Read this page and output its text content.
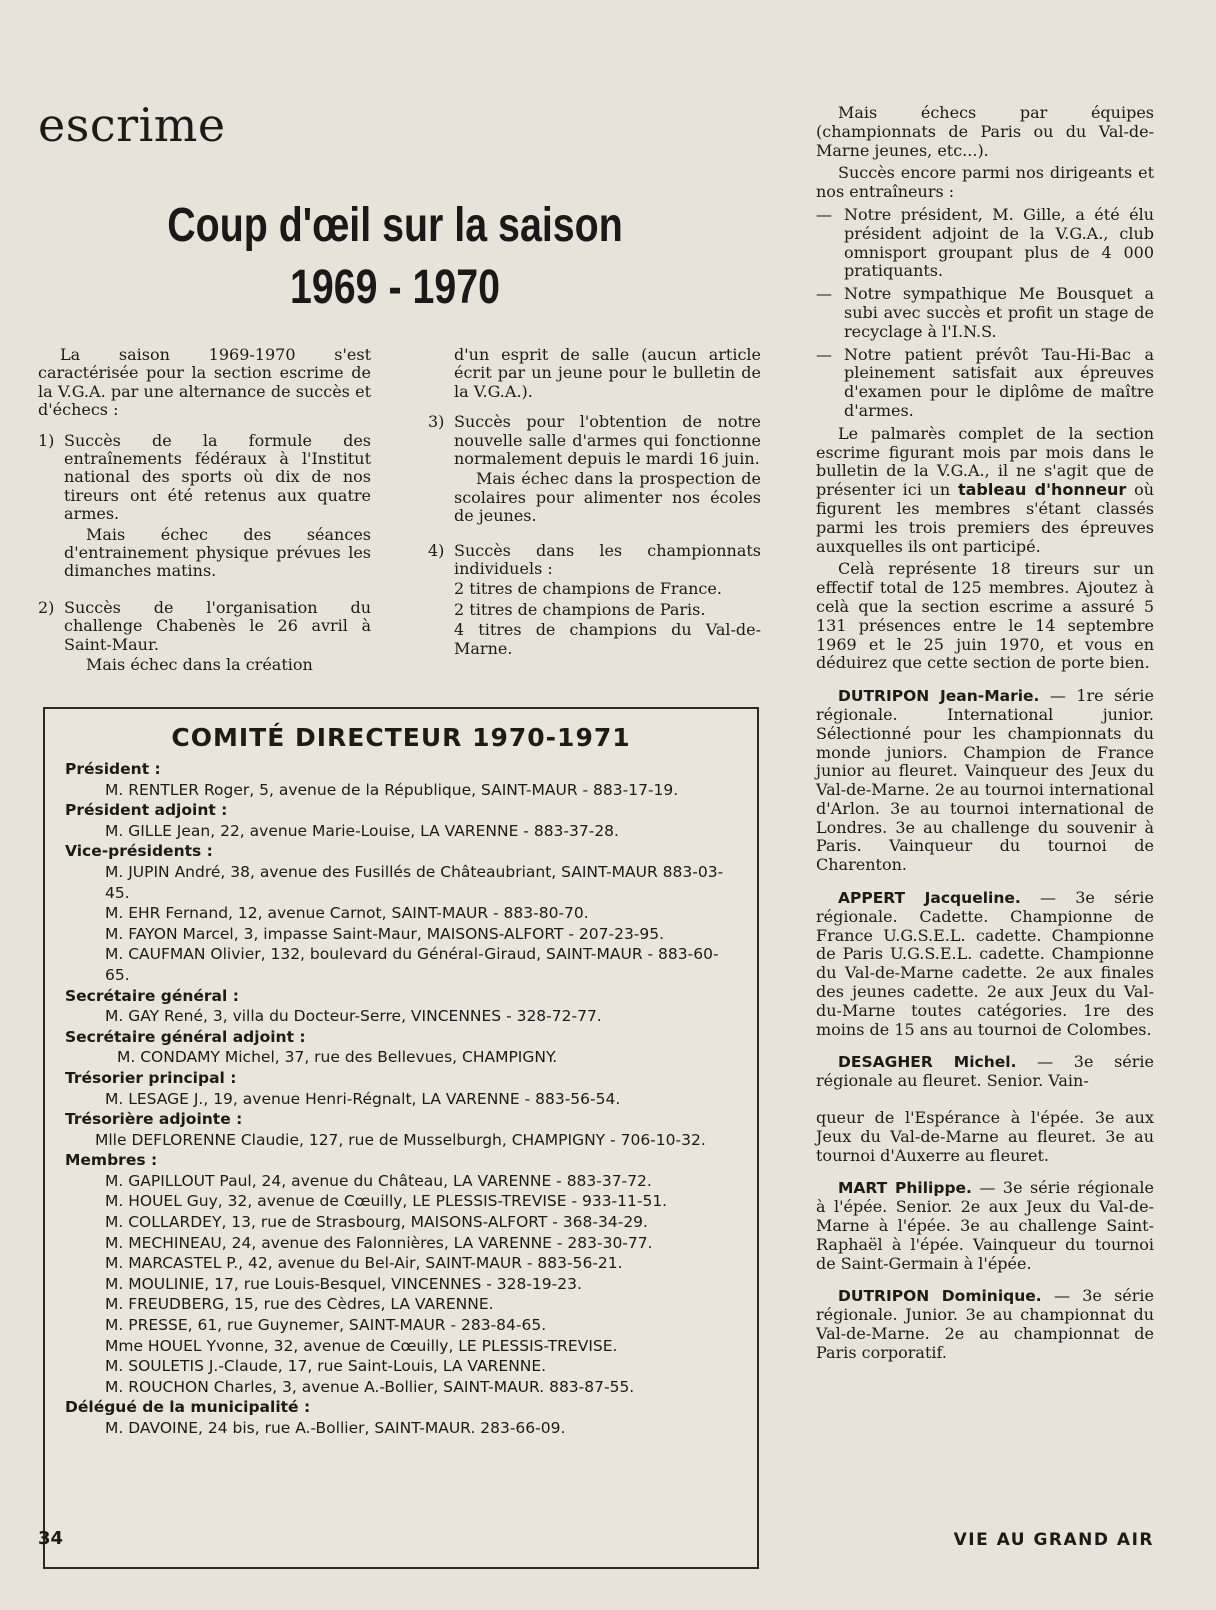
escrime
Coup d'œil sur la saison
1969 - 1970

La saison 1969-1970 s'est caractérisée pour la section escrime de la V.G.A. par une alternance de succès et d'échecs :

1) Succès de la formule des entraînements fédéraux à l'Institut national des sports où dix de nos tireurs ont été retenus aux quatre armes.

Mais échec des séances d'entrainement physique prévues les dimanches matins.

2) Succès de l'organisation du challenge Chabenès le 26 avril à Saint-Maur.

Mais échec dans la création

d'un esprit de salle (aucun article écrit par un jeune pour le bulletin de la V.G.A.).

3) Succès pour l'obtention de notre nouvelle salle d'armes qui fonctionne normalement depuis le mardi 16 juin.

Mais échec dans la prospection de scolaires pour alimenter nos écoles de jeunes.

4) Succès dans les championnats individuels :

2 titres de champions de France.

2 titres de champions de Paris.

4 titres de champions du Val-de-Marne.

COMITÉ DIRECTEUR 1970-1971
Président :
M. RENTLER Roger, 5, avenue de la République, SAINT-MAUR - 883-17-19.
Président adjoint :
M. GILLE Jean, 22, avenue Marie-Louise, LA VARENNE - 883-37-28.
Vice-présidents :
M. JUPIN André, 38, avenue des Fusillés de Châteaubriant, SAINT-MAUR 883-03-45.
M. EHR Fernand, 12, avenue Carnot, SAINT-MAUR - 883-80-70.
M. FAYON Marcel, 3, impasse Saint-Maur, MAISONS-ALFORT - 207-23-95.
M. CAUFMAN Olivier, 132, boulevard du Général-Giraud, SAINT-MAUR - 883-60-65.
Secrétaire général :
M. GAY René, 3, villa du Docteur-Serre, VINCENNES - 328-72-77.
Secrétaire général adjoint :
M. CONDAMY Michel, 37, rue des Bellevues, CHAMPIGNY.
Trésorier principal :
M. LESAGE J., 19, avenue Henri-Régnalt, LA VARENNE - 883-56-54.
Trésorière adjointe :
Mlle DEFLORENNE Claudie, 127, rue de Musselburgh, CHAMPIGNY - 706-10-32.
Membres :
M. GAPILLOUT Paul, 24, avenue du Château, LA VARENNE - 883-37-72.
M. HOUEL Guy, 32, avenue de Cœuilly, LE PLESSIS-TREVISE - 933-11-51.
M. COLLARDEY, 13, rue de Strasbourg, MAISONS-ALFORT - 368-34-29.
M. MECHINEAU, 24, avenue des Falonnières, LA VARENNE - 283-30-77.
M. MARCASTEL P., 42, avenue du Bel-Air, SAINT-MAUR - 883-56-21.
M. MOULINIE, 17, rue Louis-Besquel, VINCENNES - 328-19-23.
M. FREUDBERG, 15, rue des Cèdres, LA VARENNE.
M. PRESSE, 61, rue Guynemer, SAINT-MAUR - 283-84-65.
Mme HOUEL Yvonne, 32, avenue de Cœuilly, LE PLESSIS-TREVISE.
M. SOULETIS J.-Claude, 17, rue Saint-Louis, LA VARENNE.
M. ROUCHON Charles, 3, avenue A.-Bollier, SAINT-MAUR. 883-87-55.
Délégué de la municipalité :
M. DAVOINE, 24 bis, rue A.-Bollier, SAINT-MAUR. 283-66-09.

Mais échecs par équipes (championnats de Paris ou du Val-de-Marne jeunes, etc...).

Succès encore parmi nos dirigeants et nos entraîneurs :

— Notre président, M. Gille, a été élu président adjoint de la V.G.A., club omnisport groupant plus de 4 000 pratiquants.
— Notre sympathique Me Bousquet a subi avec succès et profit un stage de recyclage à l'I.N.S.
— Notre patient prévôt Tau-Hi-Bac a pleinement satisfait aux épreuves d'examen pour le diplôme de maître d'armes.

Le palmarès complet de la section escrime figurant mois par mois dans le bulletin de la V.G.A., il ne s'agit que de présenter ici un tableau d'honneur où figurent les membres s'étant classés parmi les trois premiers des épreuves auxquelles ils ont participé.

Celà représente 18 tireurs sur un effectif total de 125 membres. Ajoutez à celà que la section escrime a assuré 5 131 présences entre le 14 septembre 1969 et le 25 juin 1970, et vous en déduirez que cette section de porte bien.

DUTRIPON Jean-Marie. — 1re série régionale. International junior. Sélectionné pour les championnats du monde juniors. Champion de France junior au fleuret. Vainqueur des Jeux du Val-de-Marne. 2e au tournoi international d'Arlon. 3e au tournoi international de Londres. 3e au challenge du souvenir à Paris. Vainqueur du tournoi de Charenton.

APPERT Jacqueline. — 3e série régionale. Cadette. Championne de France U.G.S.E.L. cadette. Championne de Paris U.G.S.E.L. cadette. Championne du Val-de-Marne cadette. 2e aux finales des jeunes cadette. 2e aux Jeux du Val-du-Marne toutes catégories. 1re des moins de 15 ans au tournoi de Colombes.

DESAGHER Michel. — 3e série régionale au fleuret. Senior. Vain-

queur de l'Espérance à l'épée. 3e aux Jeux du Val-de-Marne au fleuret. 3e au tournoi d'Auxerre au fleuret.

MART Philippe. — 3e série régionale à l'épée. Senior. 2e aux Jeux du Val-de-Marne à l'épée. 3e au challenge Saint-Raphaël à l'épée. Vainqueur du tournoi de Saint-Germain à l'épée.

DUTRIPON Dominique. — 3e série régionale. Junior. 3e au championnat du Val-de-Marne. 2e au championnat de Paris corporatif.

34	VIE AU GRAND AIR
